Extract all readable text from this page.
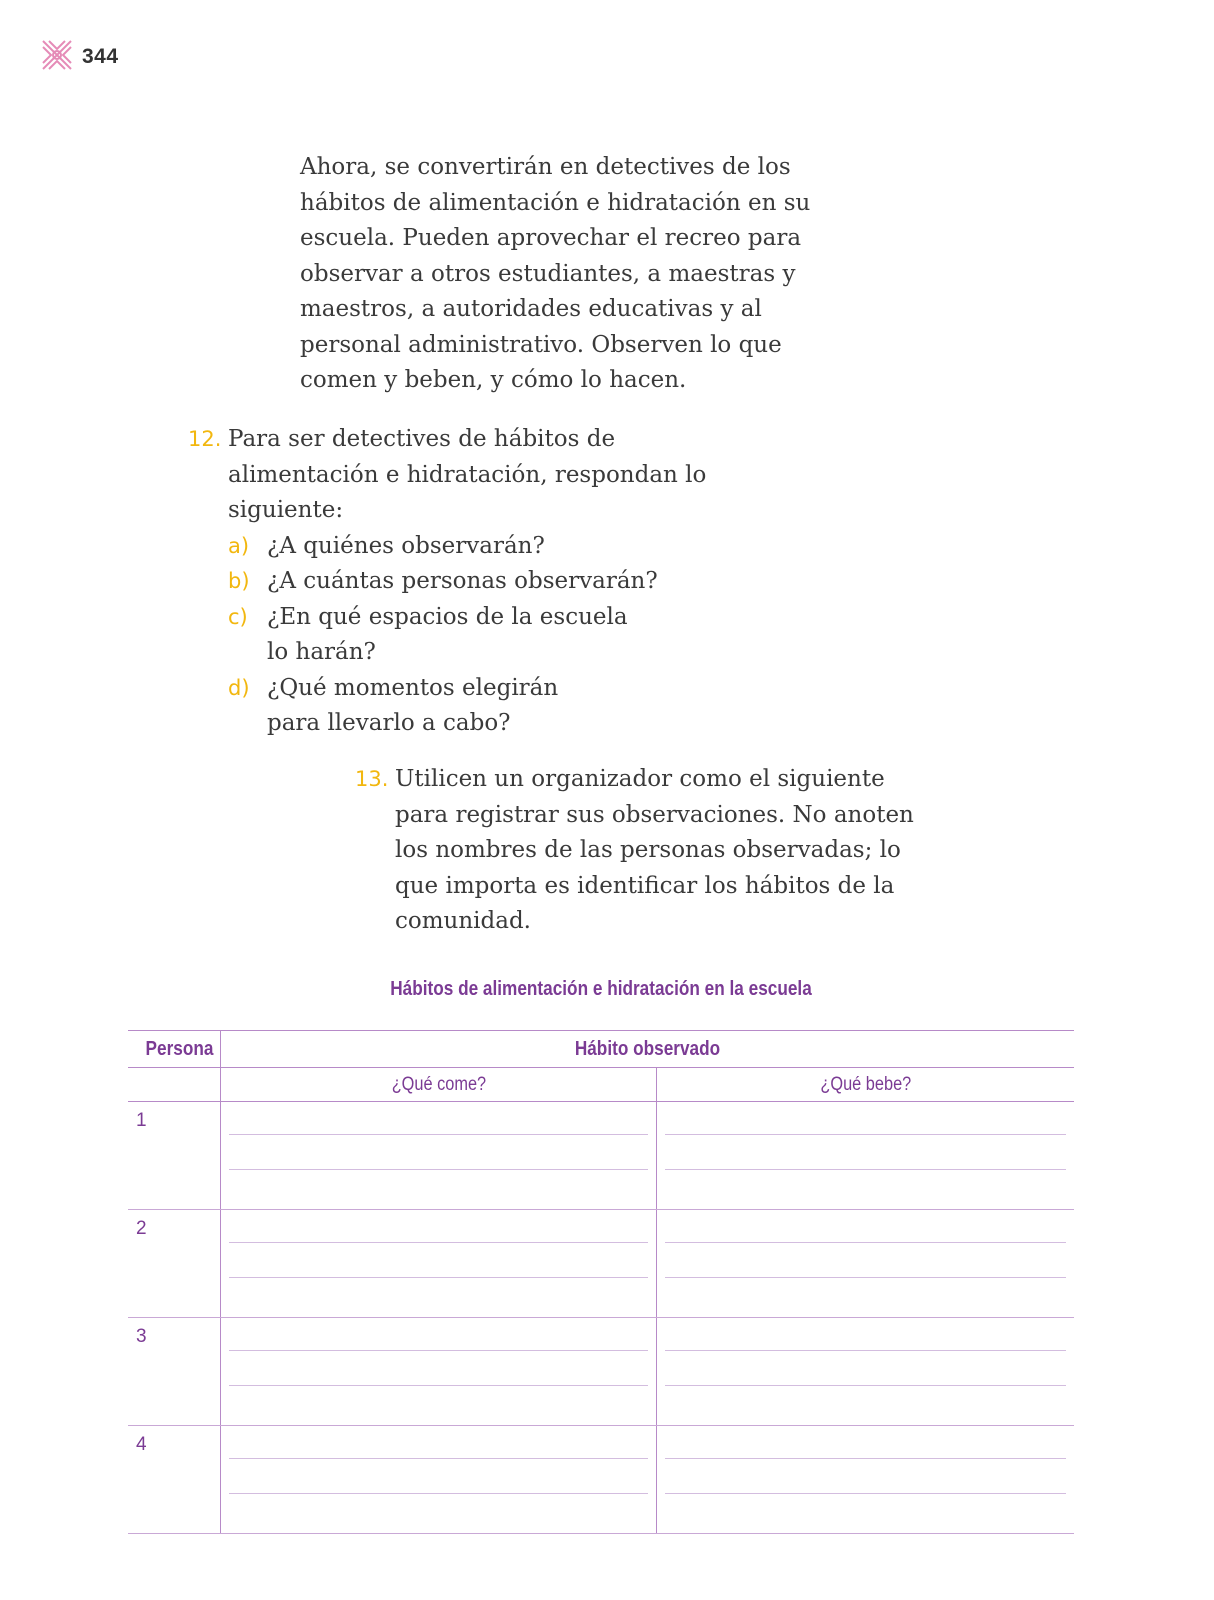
344

Ahora, se convertirán en detectives de los hábitos de alimentación e hidratación en su escuela. Pueden aprovechar el recreo para observar a otros estudiantes, a maestras y maestros, a autoridades educativas y al personal administrativo. Observen lo que comen y beben, y cómo lo hacen.

12. Para ser detectives de hábitos de alimentación e hidratación, respondan lo siguiente:
a) ¿A quiénes observarán?
b) ¿A cuántas personas observarán?
c) ¿En qué espacios de la escuela lo harán?
d) ¿Qué momentos elegirán para llevarlo a cabo?
13. Utilicen un organizador como el siguiente para registrar sus observaciones. No anoten los nombres de las personas observadas; lo que importa es identificar los hábitos de la comunidad.
Hábitos de alimentación e hidratación en la escuela
Persona	Hábito observado	
	¿Qué come?	¿Qué bebe?
1	

2	

3	

4	
